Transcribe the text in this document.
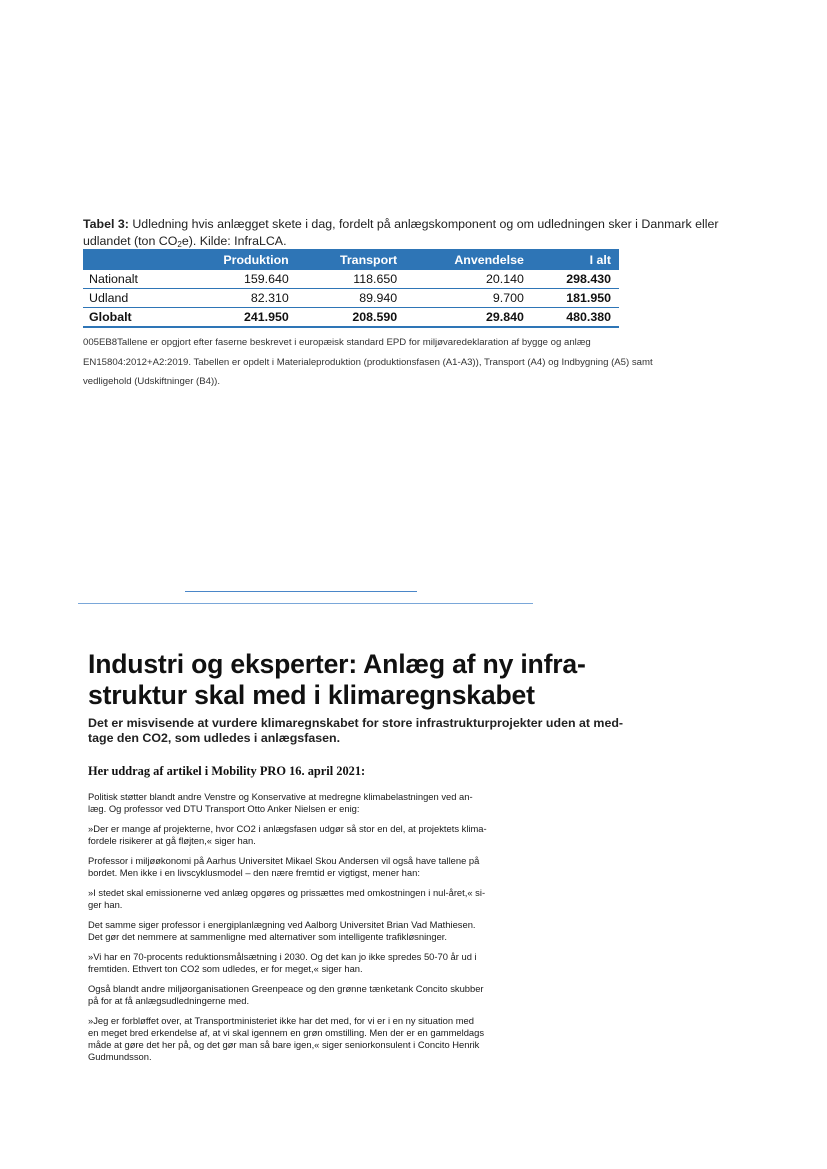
Tabel 3: Udledning hvis anlægget skete i dag, fordelt på anlægskomponent og om udledningen sker i Danmark eller udlandet (ton $CO_2e$). Kilde: InfraLCA.
	Produktion	Transport	Anvendelse	I alt
Nationalt	159.640	118.650	20.140	298.430
Udland	82.310	89.940	9.700	181.950
Globalt	241.950	208.590	29.840	480.380
005EB8Tallene er opgjort efter faserne beskrevet i europæisk standard EPD for miljøvaredeklaration af bygge og anlæg
EN15804:2012+A2:2019. Tabellen er opdelt i Materialeproduktion (produktionsfasen (A1-A3)), Transport (A4) og Indbygning (A5) samt
vedligehold (Udskiftninger (B4)).
Industri og eksperter: Anlæg af ny infra-
struktur skal med i klimaregnskabet

Det er misvisende at vurdere klimaregnskabet for store infrastrukturprojekter uden at med-
tage den CO2, som udledes i anlægsfasen.

Her uddrag af artikel i Mobility PRO 16. april 2021:

Politisk støtter blandt andre Venstre og Konservative at medregne klimabelastningen ved an-
læg. Og professor ved DTU Transport Otto Anker Nielsen er enig:

»Der er mange af projekterne, hvor CO2 i anlægsfasen udgør så stor en del, at projektets klima-
fordele risikerer at gå fløjten,« siger han.

Professor i miljøøkonomi på Aarhus Universitet Mikael Skou Andersen vil også have tallene på
bordet. Men ikke i en livscyklusmodel – den nære fremtid er vigtigst, mener han:

»I stedet skal emissionerne ved anlæg opgøres og prissættes med omkostningen i nul-året,« si-
ger han.

Det samme siger professor i energiplanlægning ved Aalborg Universitet Brian Vad Mathiesen.
Det gør det nemmere at sammenligne med alternativer som intelligente trafikløsninger.

»Vi har en 70-procents reduktionsmålsætning i 2030. Og det kan jo ikke spredes 50-70 år ud i
fremtiden. Ethvert ton CO2 som udledes, er for meget,« siger han.

Også blandt andre miljøorganisationen Greenpeace og den grønne tænketank Concito skubber
på for at få anlægsudledningerne med.

»Jeg er forbløffet over, at Transportministeriet ikke har det med, for vi er i en ny situation med
en meget bred erkendelse af, at vi skal igennem en grøn omstilling. Men der er en gammeldags
måde at gøre det her på, og det gør man så bare igen,« siger seniorkonsulent i Concito Henrik
Gudmundsson.
